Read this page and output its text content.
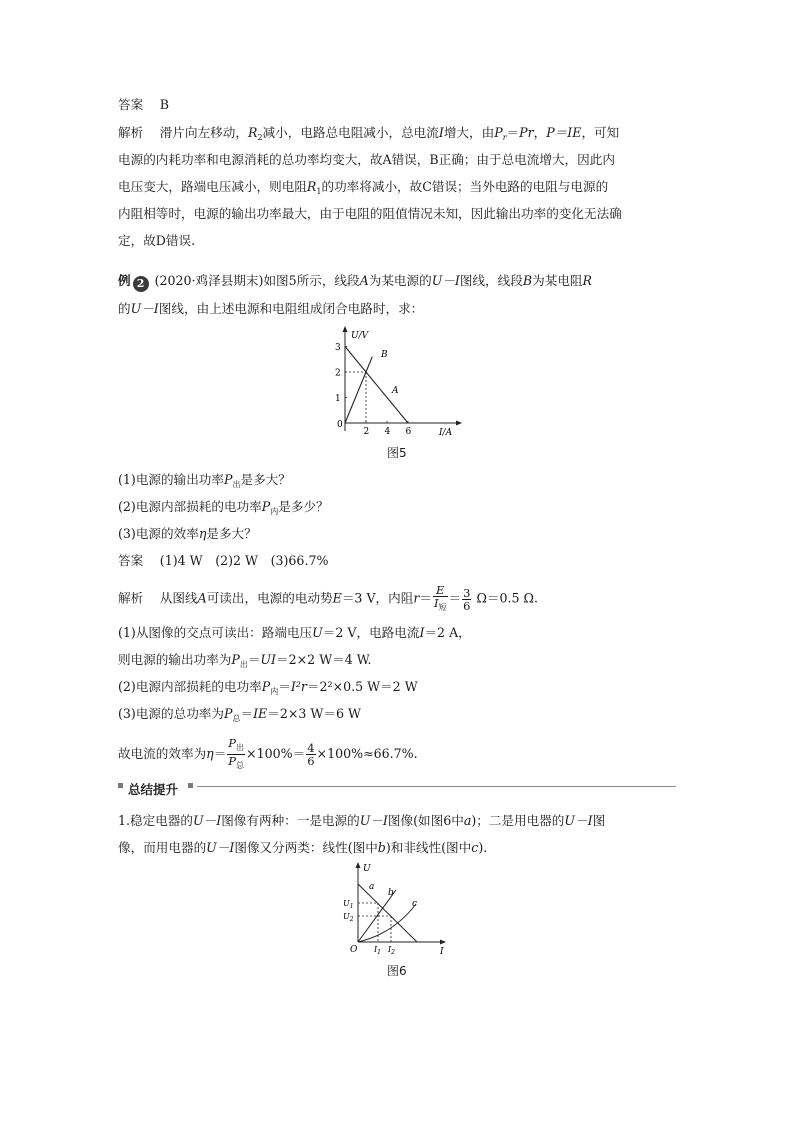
答案　 B
解析　 滑片向左移动，$R_2$减小，电路总电阻减小，总电流I增大，由$P_r=Pr$，P＝IE，可知
电源的内耗功率和电源消耗的总功率均变大，故A错误，B正确；由于总电流增大，因此内
电压变大，路端电压减小，则电阻$R_1$的功率将减小，故C错误；当外电路的电阻与电源的
内阻相等时，电源的输出功率最大，由于电阻的阻值情况未知，因此输出功率的变化无法确
定，故D错误.
例 2 (2020·鸡泽县期末)如图5所示，线段A为某电源的U－I图线，线段B为某电阻R
的U－I图线，由上述电源和电阻组成闭合电路时，求：
3
2
1
2 4 6
U/V
I/A
0
A
B
图5
(1)电源的输出功率$P_出$是多大？
(2)电源内部损耗的电功率$P_内$是多少？
(3)电源的效率η是多大？
答案　 (1)4 W　(2)2 W　(3)66.7%
解析　 从图线A可读出，电源的电动势E＝3 V，内阻$r= \frac{E}{I_短} = \frac{3}{6} \Omega=0.5$ Ω.
(1)从图像的交点可读出：路端电压U＝2 V，电路电流I＝2 A，
则电源的输出功率为$P_出=UI=2\times 2$ W＝4 W.
(2)电源内部损耗的电功率$P_内=I^2r=2^2\times 0.5$ W＝2 W
(3)电源的总功率为$P_总=IE=2\times 3$ W＝6 W
故电流的效率为$\eta= \frac{P_出}{P_总} \times 100\%= \frac{4}{6} \times 100\%\approx 66.7\%$.
总结提升
1.稳定电器的U－I图像有两种：一是电源的U－I图像(如图6中a)；二是用电器的U－I图
像，而用电器的U－I图像又分两类：线性(图中b)和非线性(图中c).
U
I
O
a
b
c
$U_1$
$U_2$
$I_1$ $I_2$
图6
